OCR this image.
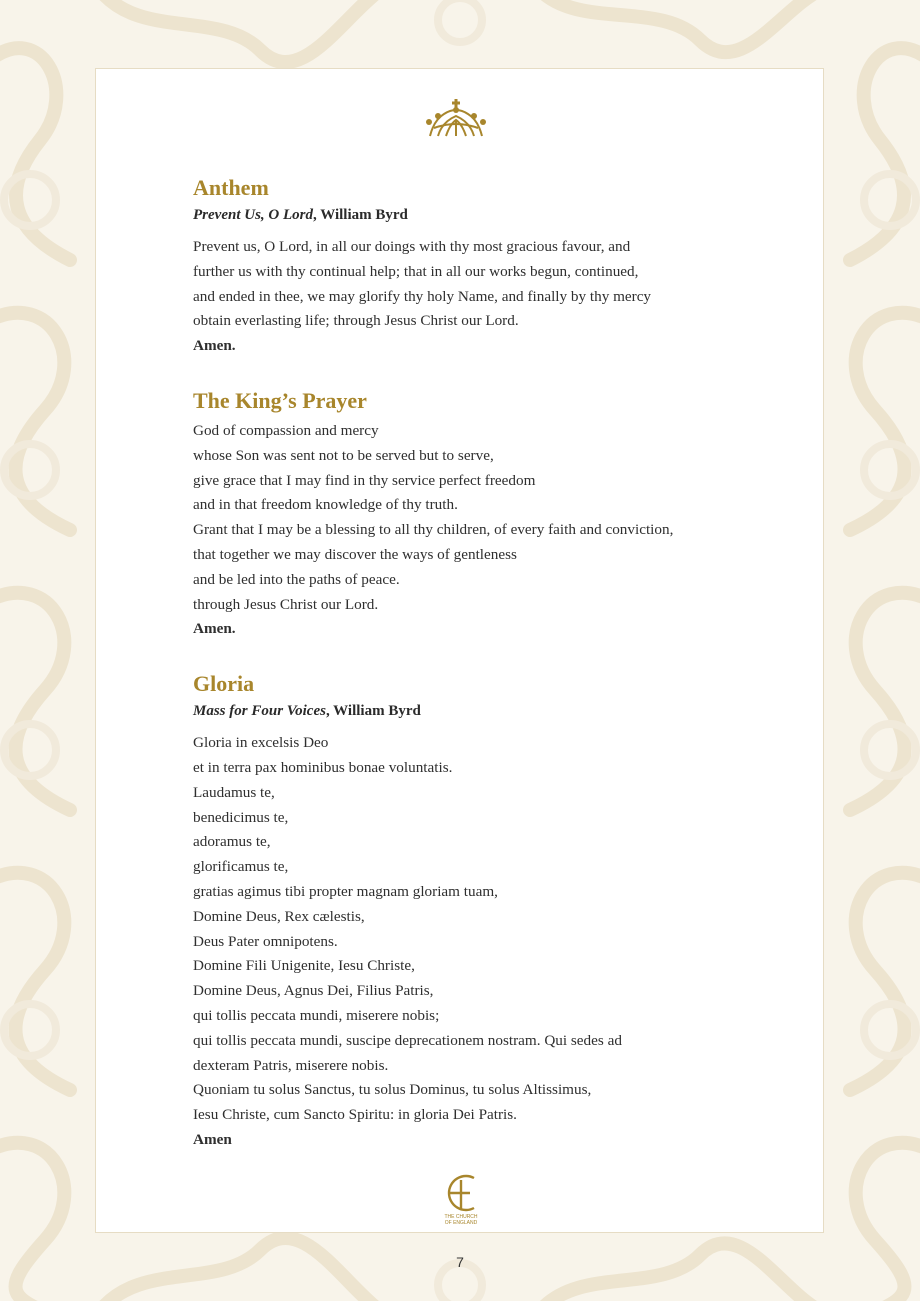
Anthem

Prevent Us, O Lord, William Byrd

Prevent us, O Lord, in all our doings with thy most gracious favour, and
further us with thy continual help; that in all our works begun, continued,
and ended in thee, we may glorify thy holy Name, and finally by thy mercy
obtain everlasting life; through Jesus Christ our Lord.
Amen.
The King’s Prayer
God of compassion and mercy
whose Son was sent not to be served but to serve,
give grace that I may find in thy service perfect freedom
and in that freedom knowledge of thy truth.
Grant that I may be a blessing to all thy children, of every faith and conviction,
that together we may discover the ways of gentleness
and be led into the paths of peace.
through Jesus Christ our Lord.
Amen.
Gloria

Mass for Four Voices, William Byrd

Gloria in excelsis Deo
et in terra pax hominibus bonae voluntatis.
Laudamus te,
benedicimus te,
adoramus te,
glorificamus te,
gratias agimus tibi propter magnam gloriam tuam,
Domine Deus, Rex cælestis,
Deus Pater omnipotens.
Domine Fili Unigenite, Iesu Christe,
Domine Deus, Agnus Dei, Filius Patris,
qui tollis peccata mundi, miserere nobis;
qui tollis peccata mundi, suscipe deprecationem nostram. Qui sedes ad
dexteram Patris, miserere nobis.
Quoniam tu solus Sanctus, tu solus Dominus, tu solus Altissimus,
Iesu Christe, cum Sancto Spiritu: in gloria Dei Patris.
Amen
THE CHURCH
OF ENGLAND
7
